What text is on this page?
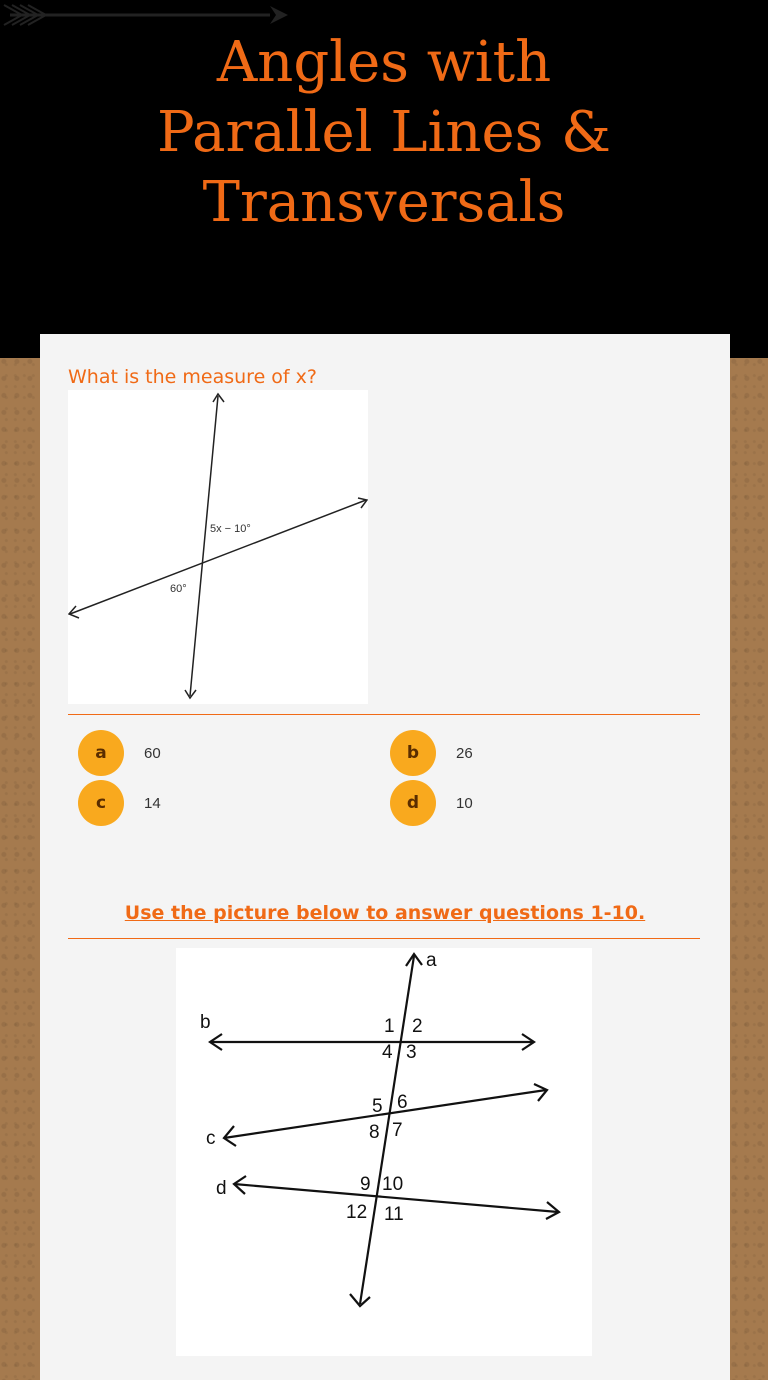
Angles with Parallel Lines & Transversals
What is the measure of x?
5x − 10°
60°
a	60	b	26
c	14	d	10
Use the picture below to answer questions 1-10.
a
b
c
d
1 2
3
4
5 6
7
8
9 10
11
12
